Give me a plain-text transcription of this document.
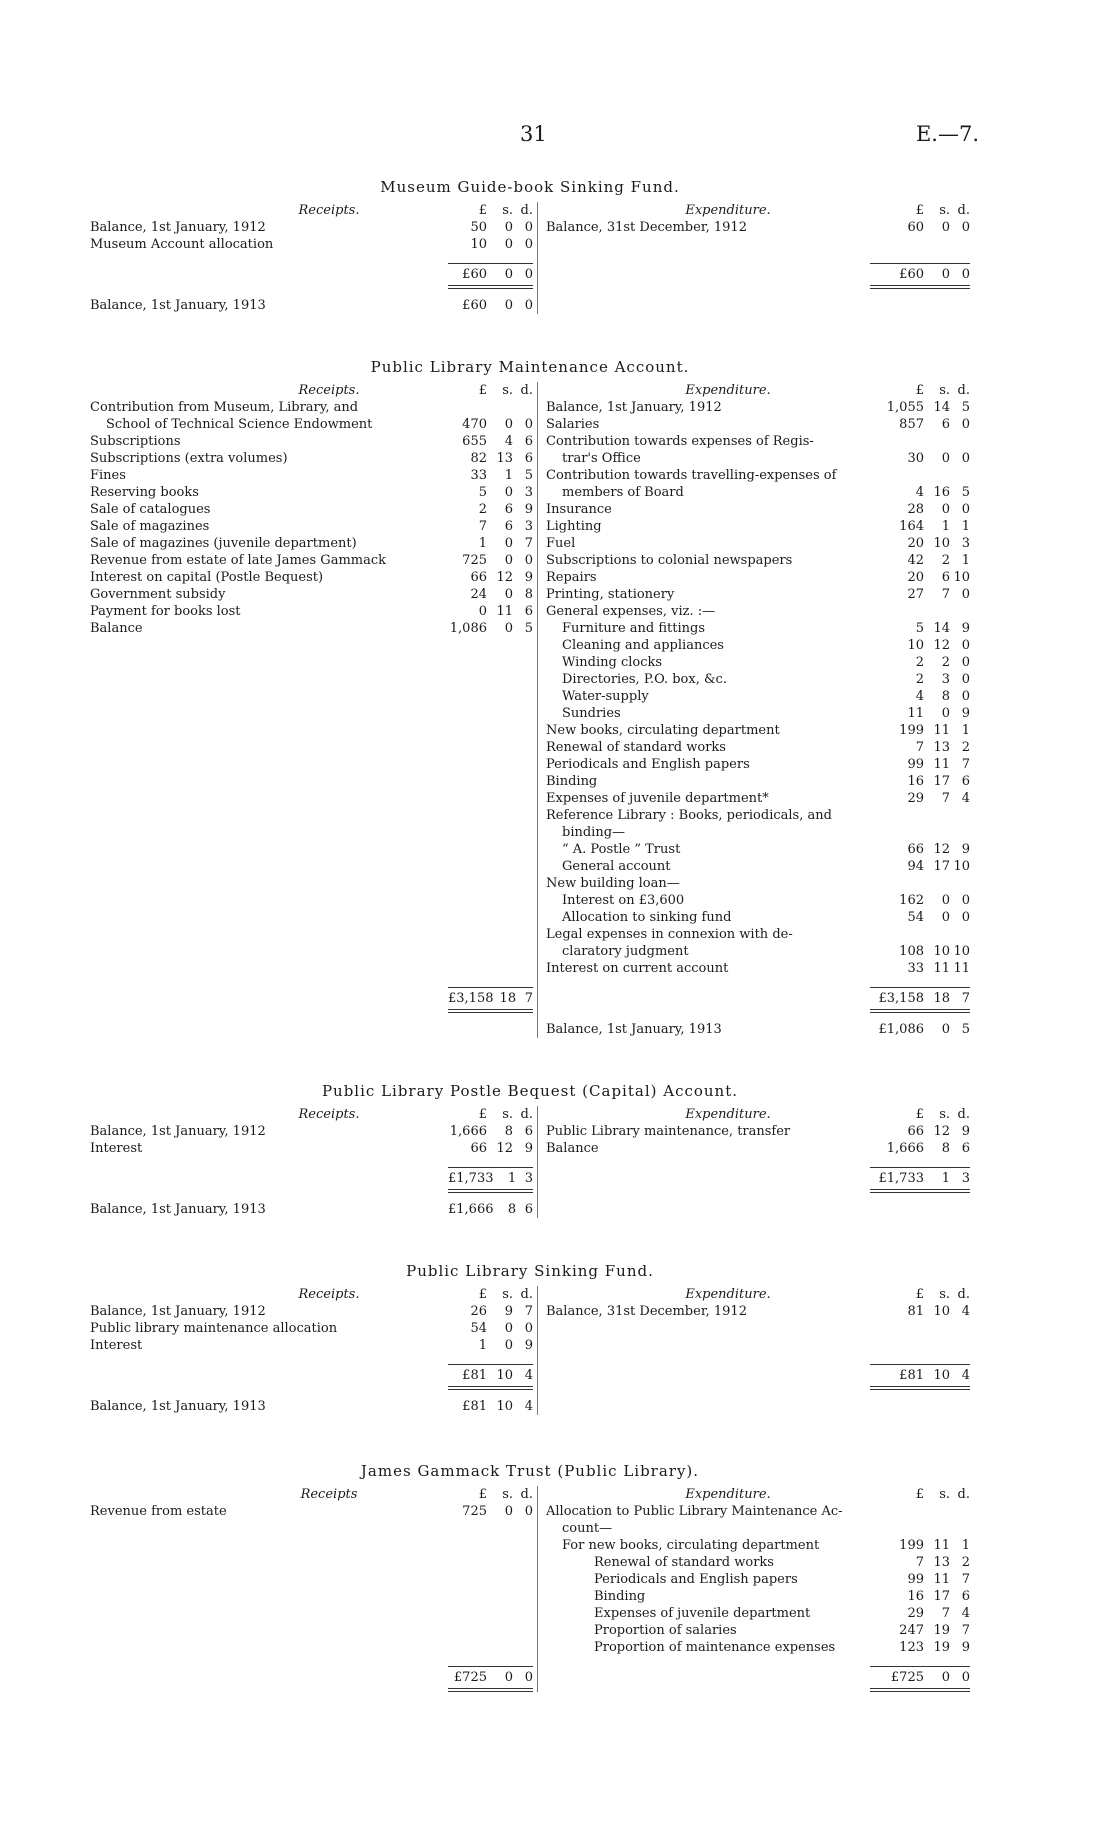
31	E.—7.
Museum Guide-book Sinking Fund.
Receipts.	£	s. d.
Balance, 1st January, 1912	50	0 0
Museum Account allocation	10	0 0
£60	0 0
Balance, 1st January, 1913	£60	0 0
Expenditure.	£	s. d.
Balance, 31st December, 1912	60	0 0
£60	0 0
Public Library Maintenance Account.
Receipts.	£	s. d.
Contribution from Museum, Library, and
School of Technical Science Endowment	470	0 0
Subscriptions	655	4 6
Subscriptions (extra volumes)	82 13 6
Fines	33	1 5
Reserving books	5	0 3
Sale of catalogues	2	6 9
Sale of magazines	7	6 3
Sale of magazines (juvenile department)	1	0 7
Revenue from estate of late James Gammack	725	0 0
Interest on capital (Postle Bequest)	66 12 9
Government subsidy	24	0 8
Payment for books lost	0 11 6
Balance	1,086	0 5
£3,158 18 7
Expenditure.	£	s. d.
Balance, 1st January, 1912	1,055 14 5
Salaries	857	6 0
Contribution towards expenses of Regis-
trar's Office	30	0 0
Contribution towards travelling-expenses of
members of Board	4 16 5
Insurance	28	0 0
Lighting	164	1 1
Fuel	20 10 3
Subscriptions to colonial newspapers	42	2 1
Repairs	20	6 10
Printing, stationery	27	7 0
General expenses, viz. :—
Furniture and fittings	5 14 9
Cleaning and appliances	10 12 0
Winding clocks	2	2 0
Directories, P.O. box, &c.	2	3 0
Water-supply	4	8 0
Sundries	11	0 9
New books, circulating department	199 11 1
Renewal of standard works	7 13 2
Periodicals and English papers	99 11 7
Binding	16 17 6
Expenses of juvenile department*	29	7 4
Reference Library : Books, periodicals, and
binding—
“ A. Postle ” Trust	66 12 9
General account	94 17 10
New building loan—
Interest on £3,600	162	0 0
Allocation to sinking fund	54	0 0
Legal expenses in connexion with de-
claratory judgment	108 10 10
Interest on current account	33 11 11
£3,158 18 7
Balance, 1st January, 1913	£1,086	0 5
Public Library Postle Bequest (Capital) Account.
Receipts.	£	s. d.
Balance, 1st January, 1912	1,666	8 6
Interest	66 12 9
£1,733	1 3
Balance, 1st January, 1913	£1,666	8 6
Expenditure.	£	s. d.
Public Library maintenance, transfer	66 12 9
Balance	1,666	8 6
£1,733	1 3
Public Library Sinking Fund.
Receipts.	£	s. d.
Balance, 1st January, 1912	26	9 7
Public library maintenance allocation	54	0 0
Interest	1	0 9
£81 10 4
Balance, 1st January, 1913	£81 10 4
Expenditure.	£	s. d.
Balance, 31st December, 1912	81 10 4
£81 10 4
James Gammack Trust (Public Library).
Receipts	£	s. d.
Revenue from estate	725	0 0
£725	0 0
Expenditure.	£	s. d.
Allocation to Public Library Maintenance Ac-
count—
For new books, circulating department	199 11 1
Renewal of standard works	7 13 2
Periodicals and English papers	99 11 7
Binding	16 17 6
Expenses of juvenile department	29	7 4
Proportion of salaries	247 19 7
Proportion of maintenance expenses	123 19 9
£725	0 0
